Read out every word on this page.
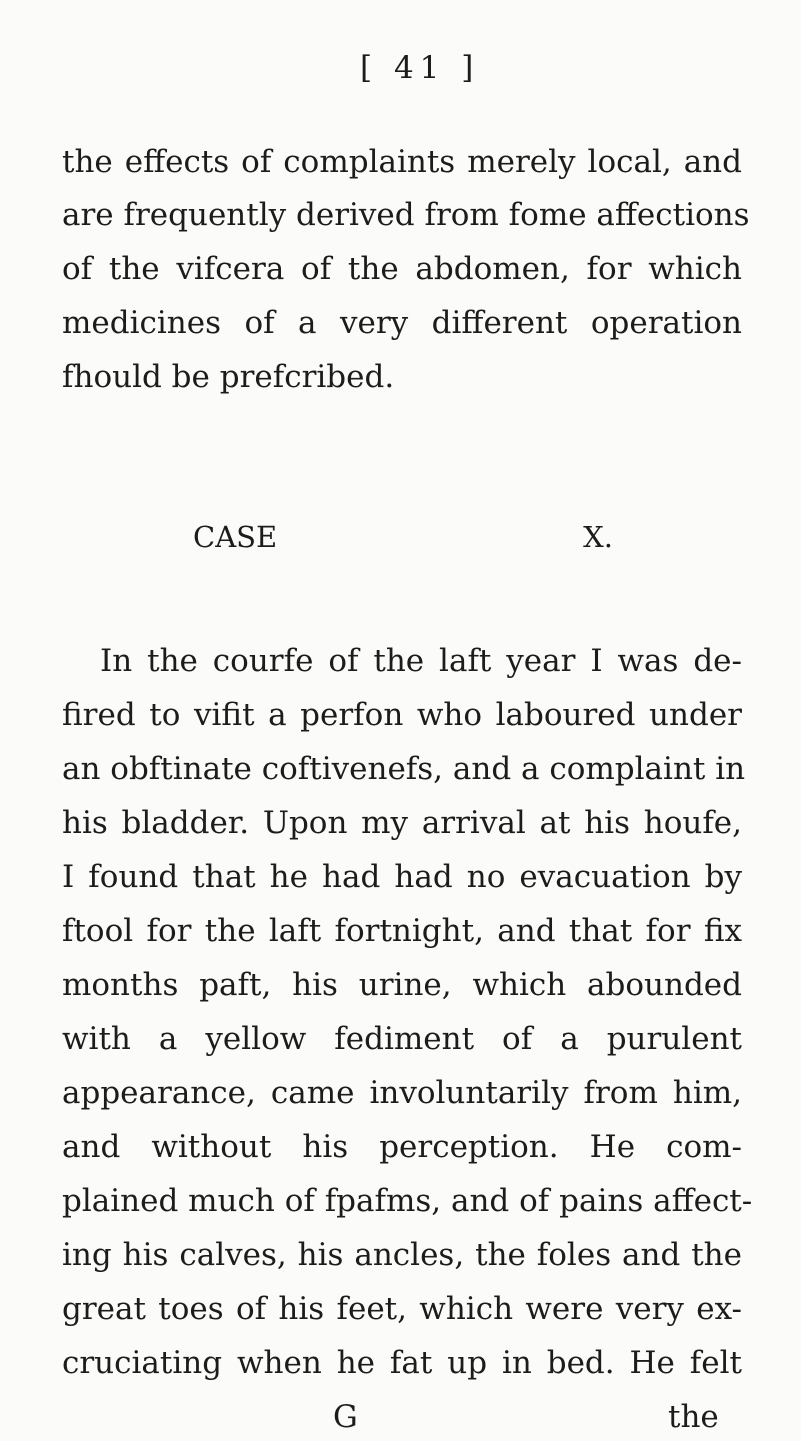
[ 41 ]
the effects of complaints merely local, and
are frequently derived from fome affections
of the vifcera of the abdomen, for which
medicines of a very different operation
fhould be prefcribed.
CASE X.
In the courfe of the laft year I was de-
fired to vifit a perfon who laboured under
an obftinate coftivenefs, and a complaint in
his bladder. Upon my arrival at his houfe,
I found that he had had no evacuation by
ftool for the laft fortnight, and that for fix
months paft, his urine, which abounded
with a yellow fediment of a purulent
appearance, came involuntarily from him,
and without his perception. He com-
plained much of fpafms, and of pains affect-
ing his calves, his ancles, the foles and the
great toes of his feet, which were very ex-
cruciating when he fat up in bed. He felt
G	the
